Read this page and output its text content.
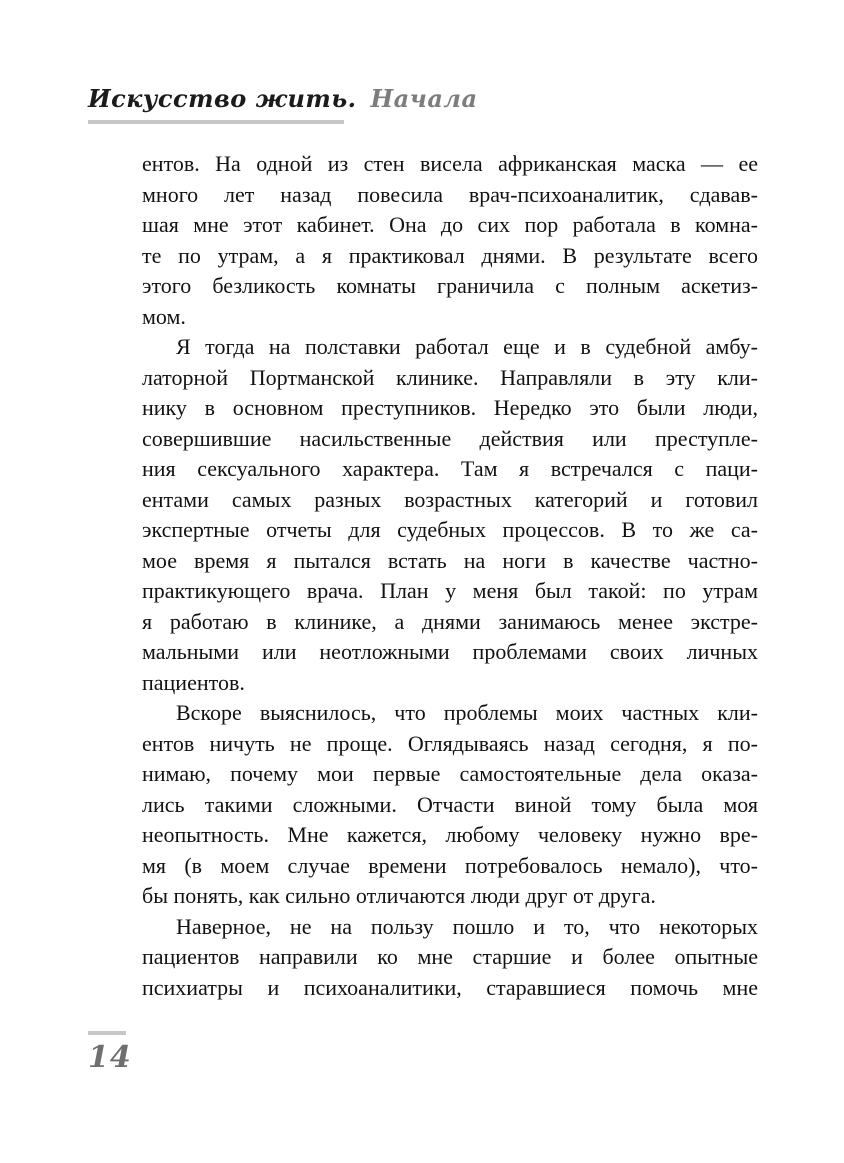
Искусство жить. Начала
ентов. На одной из стен висела африканская маска — ее
много лет назад повесила врач-психоаналитик, сдавав-
шая мне этот кабинет. Она до сих пор работала в комна-
те по утрам, а я практиковал днями. В результате всего
этого безликость комнаты граничила с полным аскетиз-
мом.
Я тогда на полставки работал еще и в судебной амбу-
латорной Портманской клинике. Направляли в эту кли-
нику в основном преступников. Нередко это были люди,
совершившие насильственные действия или преступле-
ния сексуального характера. Там я встречался с паци-
ентами самых разных возрастных категорий и готовил
экспертные отчеты для судебных процессов. В то же са-
мое время я пытался встать на ноги в качестве частно-
практикующего врача. План у меня был такой: по утрам
я работаю в клинике, а днями занимаюсь менее экстре-
мальными или неотложными проблемами своих личных
пациентов.
Вскоре выяснилось, что проблемы моих частных кли-
ентов ничуть не проще. Оглядываясь назад сегодня, я по-
нимаю, почему мои первые самостоятельные дела оказа-
лись такими сложными. Отчасти виной тому была моя
неопытность. Мне кажется, любому человеку нужно вре-
мя (в моем случае времени потребовалось немало), что-
бы понять, как сильно отличаются люди друг от друга.
Наверное, не на пользу пошло и то, что некоторых
пациентов направили ко мне старшие и более опытные
психиатры и психоаналитики, старавшиеся помочь мне
14
